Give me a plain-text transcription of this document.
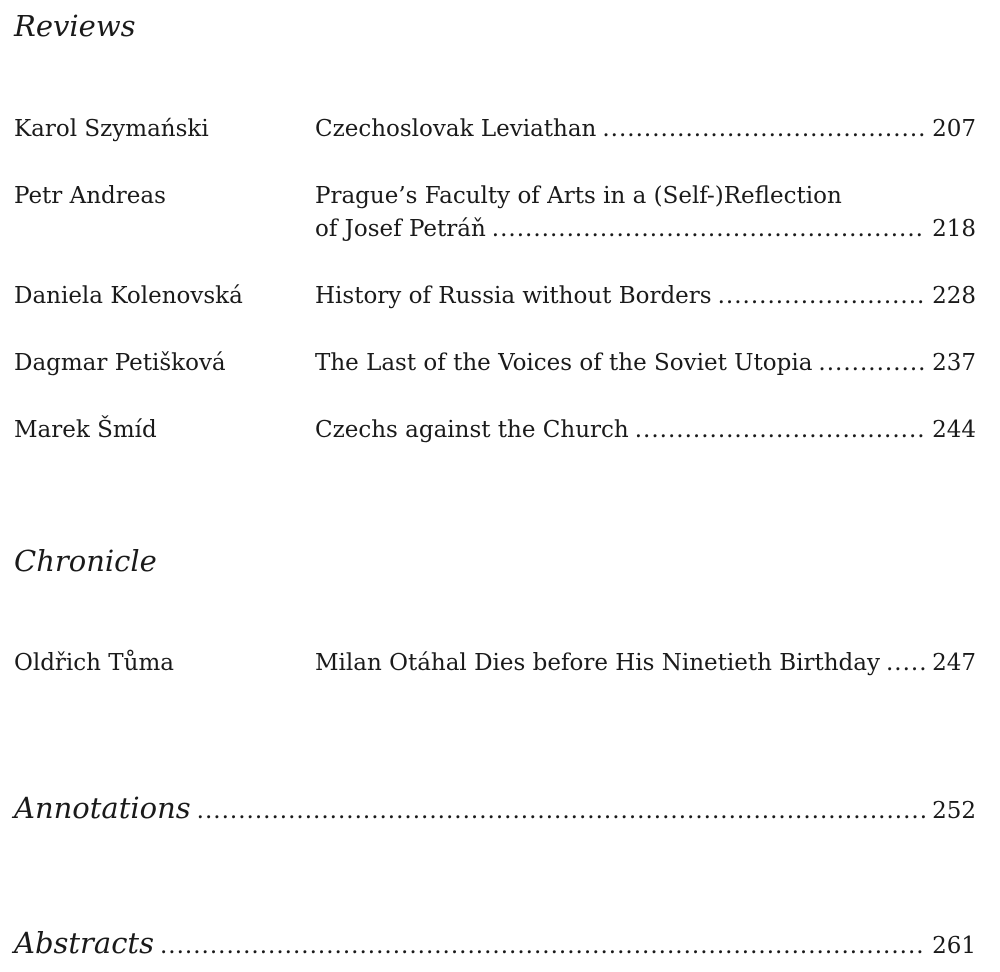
Reviews
Karol Szymański	Czechoslovak Leviathan .....	207
Petr Andreas	Prague’s Faculty of Arts in a (Self-)Reflection
of Josef Petráň .....	218
Daniela Kolenovská	History of Russia without Borders .....	228
Dagmar Petišková	The Last of the Voices of the Soviet Utopia .....	237
Marek Šmíd	Czechs against the Church .....	244
Chronicle
Oldřich Tůma	Milan Otáhal Dies before His Ninetieth Birthday ..... 247
Annotations .....	252
Abstracts .....	261
